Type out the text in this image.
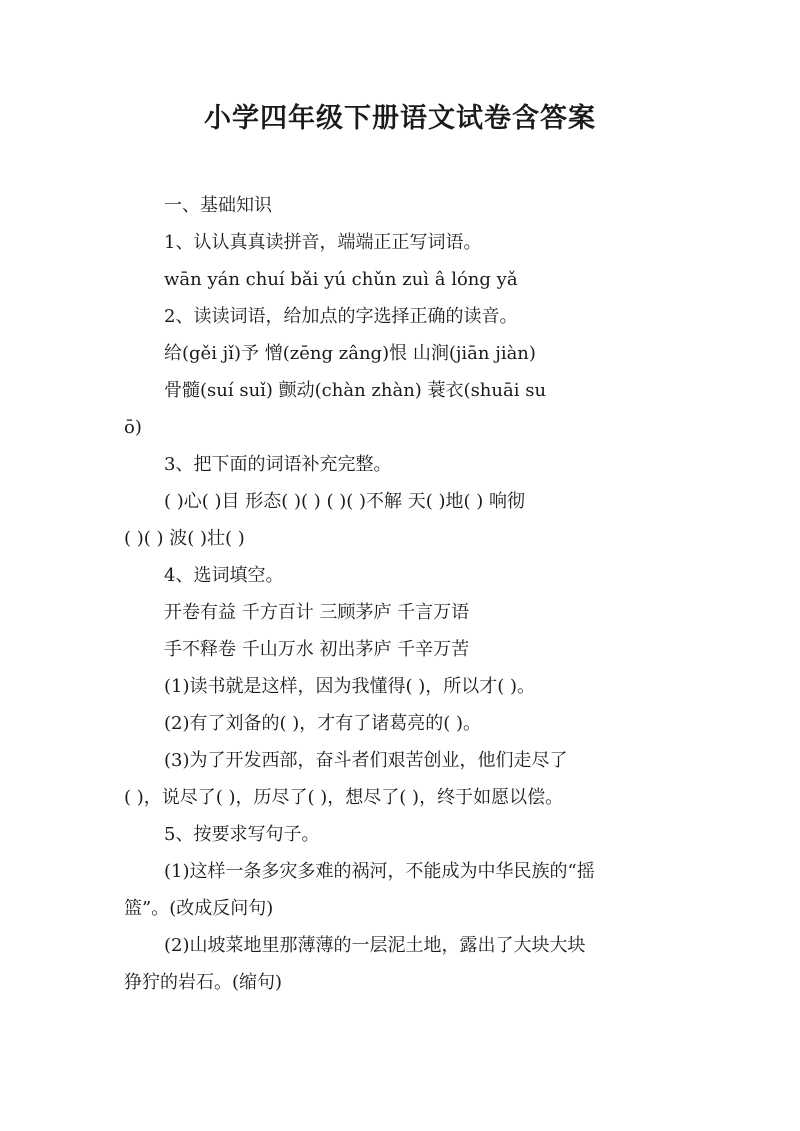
小学四年级下册语文试卷含答案
一、基础知识
1、认认真真读拼音，端端正正写词语。
wān yán chuí bǎi yú chǔn zuì â lóng yǎ
2、读读词语，给加点的字选择正确的读音。
给(gěi jǐ)予 憎(zēng zâng)恨 山涧(jiān jiàn)
骨髓(suí suǐ) 颤动(chàn zhàn) 蓑衣(shuāi su
ō)
3、把下面的词语补充完整。
( )心( )目 形态( )( ) ( )( )不解 天( )地( ) 响彻
( )( ) 波( )壮( )
4、选词填空。
开卷有益 千方百计 三顾茅庐 千言万语
手不释卷 千山万水 初出茅庐 千辛万苦
(1)读书就是这样，因为我懂得( )，所以才( )。
(2)有了刘备的( )，才有了诸葛亮的( )。
(3)为了开发西部，奋斗者们艰苦创业，他们走尽了
( )，说尽了( )，历尽了( )，想尽了( )，终于如愿以偿。
5、按要求写句子。
(1)这样一条多灾多难的祸河，不能成为中华民族的“摇
篮”。(改成反问句)
(2)山坡菜地里那薄薄的一层泥土地，露出了大块大块
狰狞的岩石。(缩句)
